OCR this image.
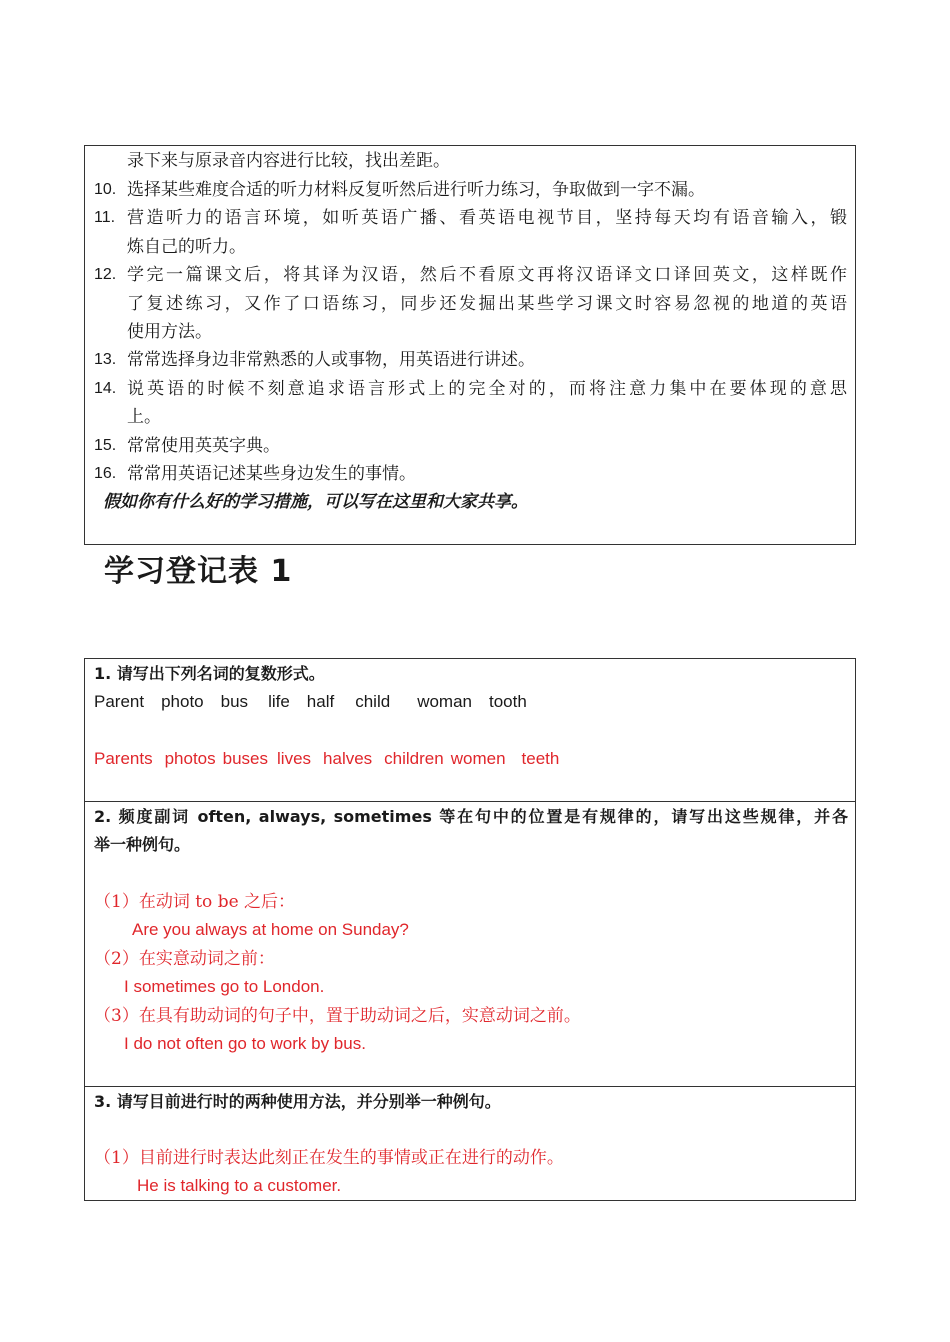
录下来与原录音内容进行比较，找出差距。
10. 选择某些难度合适的听力材料反复听然后进行听力练习，争取做到一字不漏。
11. 营造听力的语言环境，如听英语广播、看英语电视节目，坚持每天均有语音输入，锻
炼自己的听力。
12. 学完一篇课文后，将其译为汉语，然后不看原文再将汉语译文口译回英文，这样既作
了复述练习，又作了口语练习，同步还发掘出某些学习课文时容易忽视的地道的英语
使用方法。
13. 常常选择身边非常熟悉的人或事物，用英语进行讲述。
14. 说英语的时候不刻意追求语言形式上的完全对的，而将注意力集中在要体现的意思
上。
15. 常常使用英英字典。
16. 常常用英语记述某些身边发生的事情。
假如你有什么好的学习措施，可以写在这里和大家共享。
学习登记表 1
1. 请写出下列名词的复数形式。
Parent photo bus life half child woman tooth
Parents photos buses lives halves children women teeth

2. 频度副词 often, always, sometimes 等在句中的位置是有规律的，请写出这些规律，并各
举一种例句。
（1）在动词 to be 之后：
Are you always at home on Sunday?
（2）在实意动词之前：
I sometimes go to London.
（3）在具有助动词的句子中，置于助动词之后，实意动词之前。
I do not often go to work by bus.

3. 请写目前进行时的两种使用方法，并分别举一种例句。
（1）目前进行时表达此刻正在发生的事情或正在进行的动作。
He is talking to a customer.
